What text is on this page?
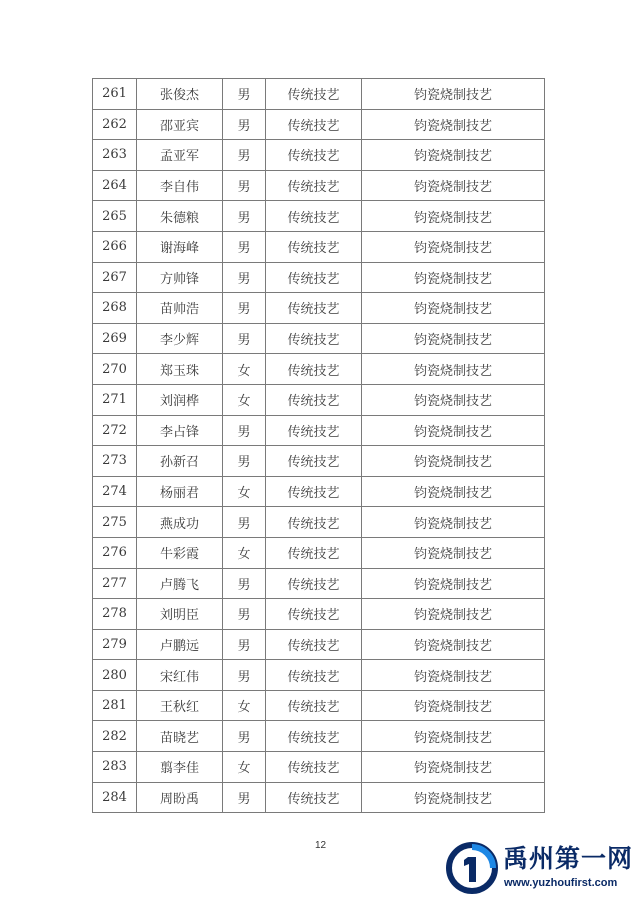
261	张俊杰	男	传统技艺	钧瓷烧制技艺
262	邵亚宾	男	传统技艺	钧瓷烧制技艺
263	孟亚军	男	传统技艺	钧瓷烧制技艺
264	李自伟	男	传统技艺	钧瓷烧制技艺
265	朱德粮	男	传统技艺	钧瓷烧制技艺
266	谢海峰	男	传统技艺	钧瓷烧制技艺
267	方帅锋	男	传统技艺	钧瓷烧制技艺
268	苗帅浩	男	传统技艺	钧瓷烧制技艺
269	李少辉	男	传统技艺	钧瓷烧制技艺
270	郑玉珠	女	传统技艺	钧瓷烧制技艺
271	刘润桦	女	传统技艺	钧瓷烧制技艺
272	李占锋	男	传统技艺	钧瓷烧制技艺
273	孙新召	男	传统技艺	钧瓷烧制技艺
274	杨丽君	女	传统技艺	钧瓷烧制技艺
275	燕成功	男	传统技艺	钧瓷烧制技艺
276	牛彩霞	女	传统技艺	钧瓷烧制技艺
277	卢腾飞	男	传统技艺	钧瓷烧制技艺
278	刘明臣	男	传统技艺	钧瓷烧制技艺
279	卢鹏远	男	传统技艺	钧瓷烧制技艺
280	宋红伟	男	传统技艺	钧瓷烧制技艺
281	王秋红	女	传统技艺	钧瓷烧制技艺
282	苗晓艺	男	传统技艺	钧瓷烧制技艺
283	翦李佳	女	传统技艺	钧瓷烧制技艺
284	周盼禹	男	传统技艺	钧瓷烧制技艺
12	禹州第一网
www.yuzhoufirst.com
